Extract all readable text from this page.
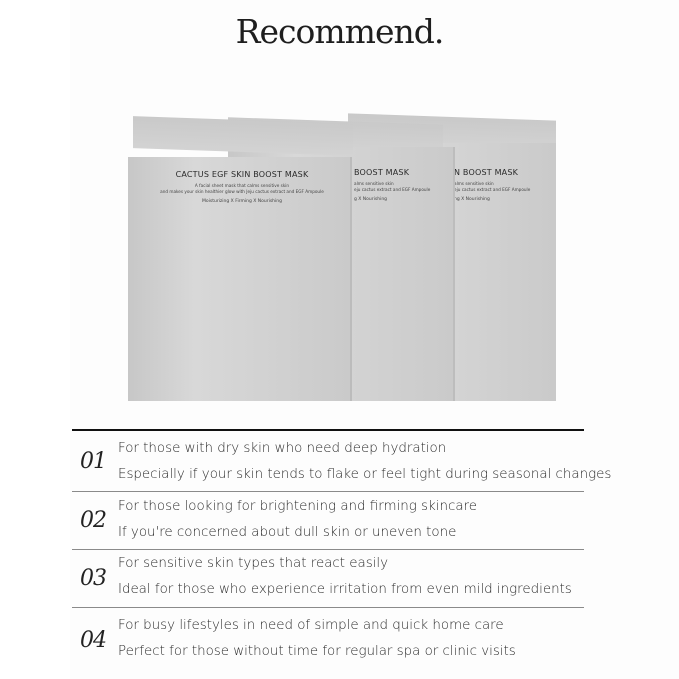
Recommend.
N BOOST MASK
alms sensitive skin
eju cactus extract and EGF Ampoule
ng X Nourishing
BOOST MASK
alms sensitive skin
eju cactus extract and EGF Ampoule
g X Nourishing
CACTUS EGF SKIN BOOST MASK
A facial sheet mask that calms sensitive skin
and makes your skin healthier glow with Jeju cactus extract and EGF Ampoule
Moisturizing X Firming X Nourishing
01
For those with dry skin who need deep hydration
Especially if your skin tends to flake or feel tight during seasonal changes
02
For those looking for brightening and firming skincare
If you're concerned about dull skin or uneven tone
03
For sensitive skin types that react easily
Ideal for those who experience irritation from even mild ingredients
04
For busy lifestyles in need of simple and quick home care
Perfect for those without time for regular spa or clinic visits
